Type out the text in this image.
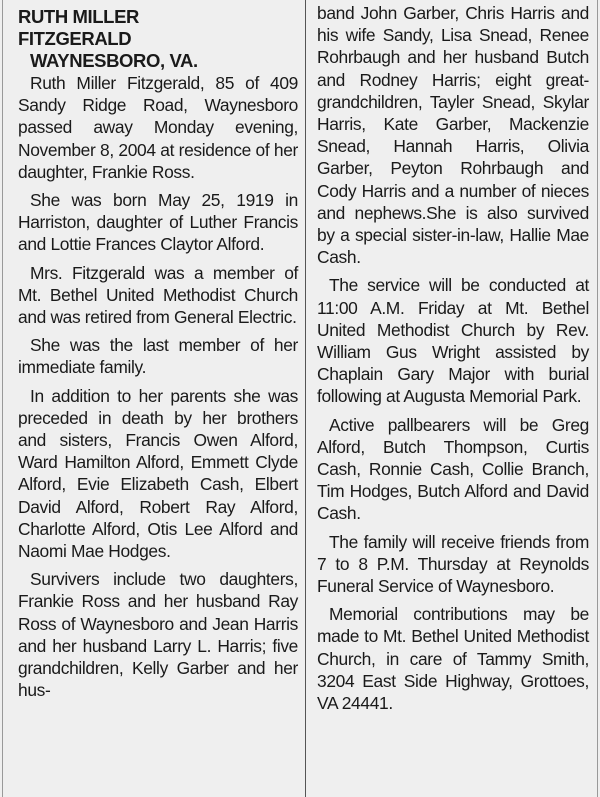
RUTH MILLER
FITZGERALD
WAYNESBORO, VA.

Ruth Miller Fitzgerald, 85 of 409 Sandy Ridge Road, Waynesboro passed away Monday evening, November 8, 2004 at residence of her daughter, Frankie Ross.

She was born May 25, 1919 in Harriston, daughter of Luther Francis and Lottie Frances Claytor Alford.

Mrs. Fitzgerald was a member of Mt. Bethel United Methodist Church and was retired from General Electric.

She was the last member of her immediate family.

In addition to her parents she was preceded in death by her brothers and sisters, Francis Owen Alford, Ward Hamilton Alford, Emmett Clyde Alford, Evie Elizabeth Cash, Elbert David Alford, Robert Ray Alford, Charlotte Alford, Otis Lee Alford and Naomi Mae Hodges.

Survivers include two daughters, Frankie Ross and her husband Ray Ross of Waynesboro and Jean Harris and her husband Larry L. Harris; five grandchildren, Kelly Garber and her hus-

band John Garber, Chris Harris and his wife Sandy, Lisa Snead, Renee Rohrbaugh and her husband Butch and Rodney Harris; eight great-grandchildren, Tayler Snead, Skylar Harris, Kate Garber, Mackenzie Snead, Hannah Harris, Olivia Garber, Peyton Rohrbaugh and Cody Harris and a number of nieces and nephews.She is also survived by a special sister-in-law, Hallie Mae Cash.

The service will be conducted at 11:00 A.M. Friday at Mt. Bethel United Methodist Church by Rev. William Gus Wright assisted by Chaplain Gary Major with burial following at Augusta Memorial Park.

Active pallbearers will be Greg Alford, Butch Thompson, Curtis Cash, Ronnie Cash, Collie Branch, Tim Hodges, Butch Alford and David Cash.

The family will receive friends from 7 to 8 P.M. Thursday at Reynolds Funeral Service of Waynesboro.

Memorial contributions may be made to Mt. Bethel United Methodist Church, in care of Tammy Smith, 3204 East Side Highway, Grottoes, VA 24441.
